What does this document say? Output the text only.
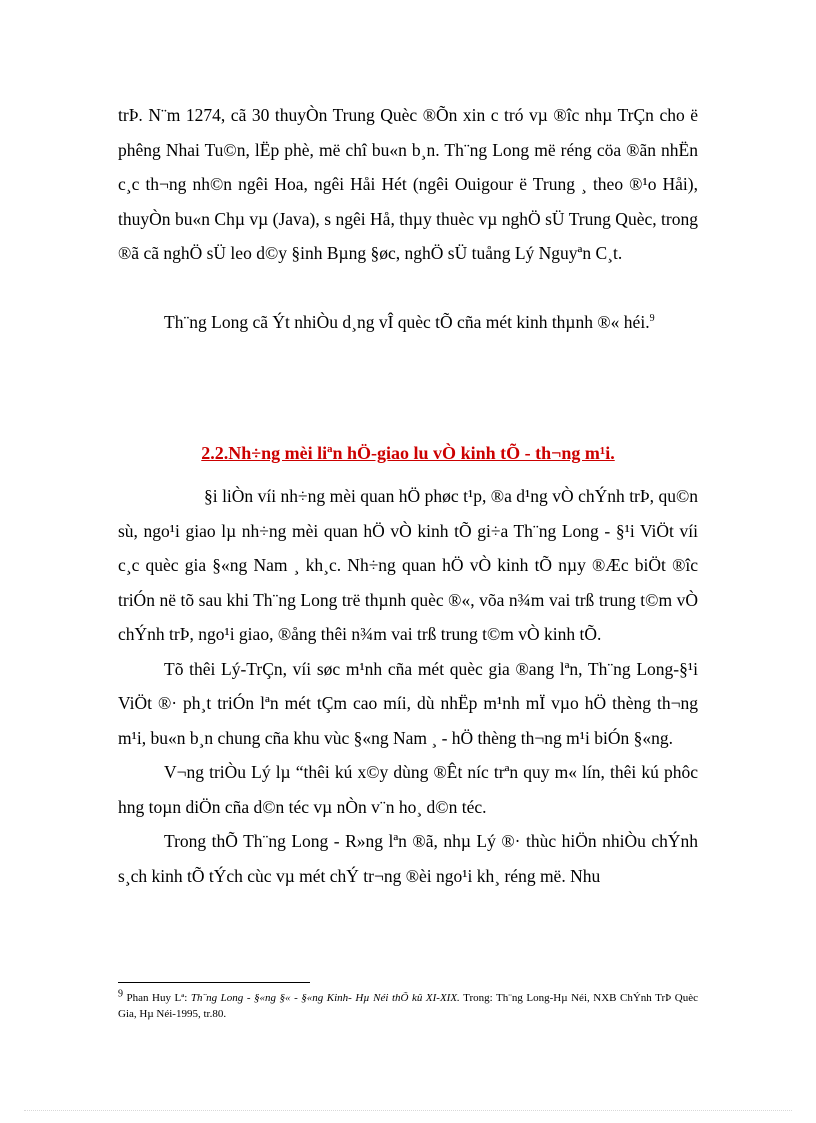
trÞ. N¨m 1274, cã 30 thuyÒn Trung Quèc ®Õn xin c tró vµ ®îc nhµ TrÇn cho ë phêng Nhai Tu©n, lËp phè, më chî bu«n b¸n. Th¨ng Long më réng cöa ®ãn nhËn c¸c th¬ng nh©n ngêi Hoa, ngêi Håi Hét (ngêi Ouigour ë Trung ¸ theo ®¹o Håi), thuyÒn bu«n Chµ vµ (Java), s ngêi Hå, thµy thuèc vµ nghÖ sÜ Trung Quèc, trong ®ã cã nghÖ sÜ leo d©y §inh Bµng §øc, nghÖ sÜ tuång Lý Nguyªn C¸t.

Th¨ng Long cã Ýt nhiÒu d¸ng vÎ quèc tÕ cña mét kinh thµnh ®« héi.$^9$

2.2.Nh÷ng mèi liªn hÖ-giao lu vÒ kinh tÕ - th¬ng m¹i.

§i liÒn víi nh÷ng mèi quan hÖ phøc t¹p, ®a d¹ng vÒ chÝnh trÞ, qu©n sù, ngo¹i giao lµ nh÷ng mèi quan hÖ vÒ kinh tÕ gi÷a Th¨ng Long - §¹i ViÖt víi c¸c quèc gia §«ng Nam ¸ kh¸c. Nh÷ng quan hÖ vÒ kinh tÕ nµy ®Æc biÖt ®îc triÓn në tõ sau khi Th¨ng Long trë thµnh quèc ®«, võa n¾m vai trß trung t©m vÒ chÝnh trÞ, ngo¹i giao, ®ång thêi n¾m vai trß trung t©m vÒ kinh tÕ.

Tõ thêi Lý-TrÇn, víi søc m¹nh cña mét quèc gia ®ang lªn, Th¨ng Long-§¹i ViÖt ®· ph¸t triÓn lªn mét tÇm cao míi, dù nhËp m¹nh mÏ vµo hÖ thèng th¬ng m¹i, bu«n b¸n chung cña khu vùc §«ng Nam ¸ - hÖ thèng th¬ng m¹i biÓn §«ng.

V¬ng triÒu Lý lµ “thêi kú x©y dùng ®Êt níc trªn quy m« lín, thêi kú phôc hng toµn diÖn cña d©n téc vµ nÒn v¨n ho¸ d©n téc.

Trong thÕ Th¨ng Long - R»ng lªn ®ã, nhµ Lý ®· thùc hiÖn nhiÒu chÝnh s¸ch kinh tÕ tÝch cùc vµ mét chÝ tr¬ng ®èi ngo¹i kh¸ réng më. Nhu

$^9$ Phan Huy Lª: Th¨ng Long - §«ng §« - §«ng Kinh- Hµ Néi thÕ kû XI-XIX. Trong: Th¨ng Long-Hµ Néi, NXB ChÝnh TrÞ Quèc Gia, Hµ Néi-1995, tr.80.
